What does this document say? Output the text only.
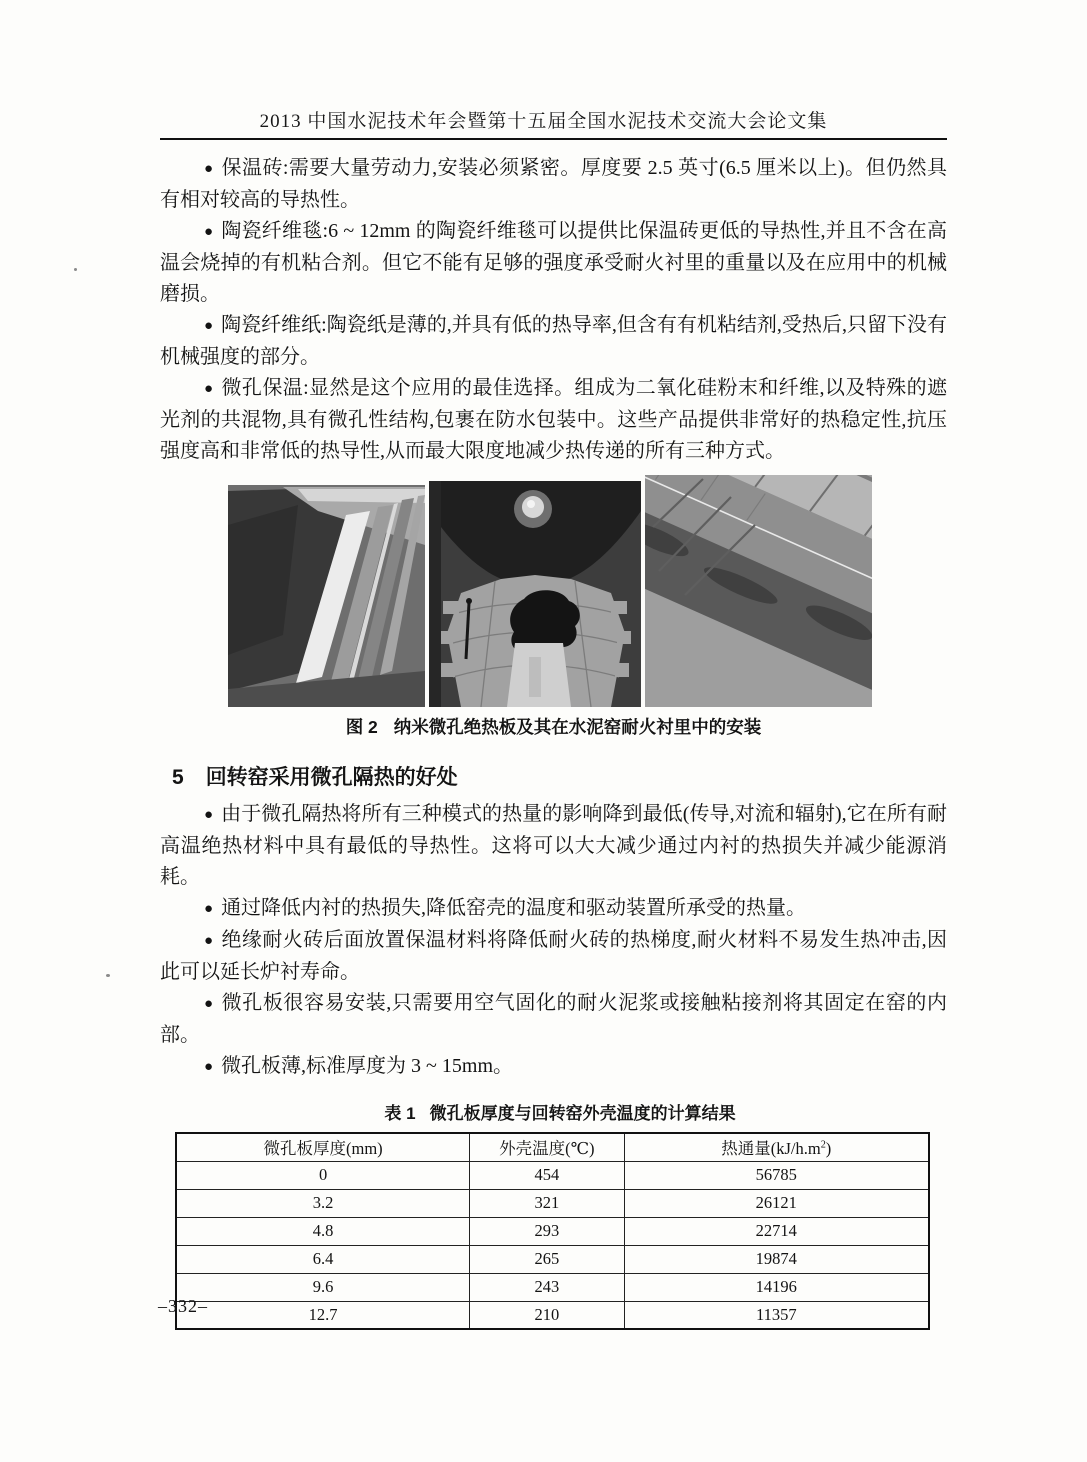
2013 中国水泥技术年会暨第十五届全国水泥技术交流大会论文集

● 保温砖:需要大量劳动力,安装必须紧密。厚度要 2.5 英寸(6.5 厘米以上)。但仍然具有相对较高的导热性。

● 陶瓷纤维毯:6 ~ 12mm 的陶瓷纤维毯可以提供比保温砖更低的导热性,并且不含在高温会烧掉的有机粘合剂。但它不能有足够的强度承受耐火衬里的重量以及在应用中的机械磨损。

● 陶瓷纤维纸:陶瓷纸是薄的,并具有低的热导率,但含有有机粘结剂,受热后,只留下没有机械强度的部分。

● 微孔保温:显然是这个应用的最佳选择。组成为二氧化硅粉末和纤维,以及特殊的遮光剂的共混物,具有微孔性结构,包裹在防水包装中。这些产品提供非常好的热稳定性,抗压强度高和非常低的热导性,从而最大限度地减少热传递的所有三种方式。

图 2 纳米微孔绝热板及其在水泥窑耐火衬里中的安装
5 回转窑采用微孔隔热的好处

● 由于微孔隔热将所有三种模式的热量的影响降到最低(传导,对流和辐射),它在所有耐高温绝热材料中具有最低的导热性。这将可以大大减少通过内衬的热损失并减少能源消耗。

● 通过降低内衬的热损失,降低窑壳的温度和驱动装置所承受的热量。

● 绝缘耐火砖后面放置保温材料将降低耐火砖的热梯度,耐火材料不易发生热冲击,因此可以延长炉衬寿命。

● 微孔板很容易安装,只需要用空气固化的耐火泥浆或接触粘接剂将其固定在窑的内部。

● 微孔板薄,标准厚度为 3 ~ 15mm。

表 1 微孔板厚度与回转窑外壳温度的计算结果
微孔板厚度(mm)	外壳温度(℃)	热通量$(kJ/h.m^2)$
0	454	56785
3.2	321	26121
4.8	293	22714
6.4	265	19874
9.6	243	14196
12.7	210	11357
–332–
